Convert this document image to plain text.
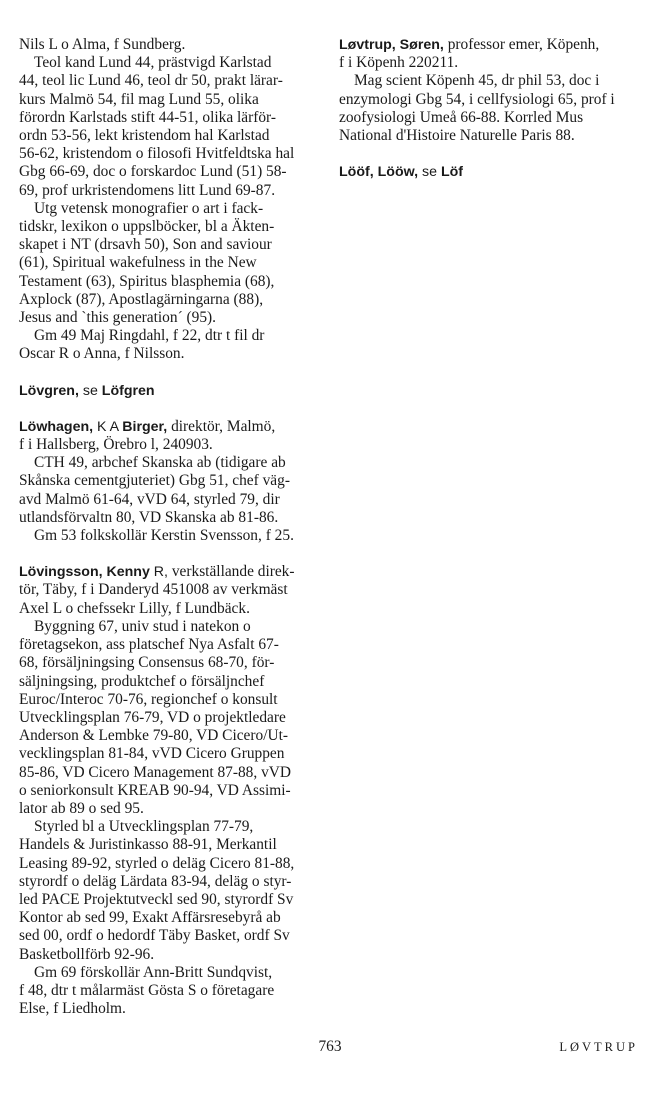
Nils L o Alma, f Sundberg.
Teol kand Lund 44, prästvigd Karlstad
44, teol lic Lund 46, teol dr 50, prakt lärar-
kurs Malmö 54, fil mag Lund 55, olika
förordn Karlstads stift 44-51, olika lärför-
ordn 53-56, lekt kristendom hal Karlstad
56-62, kristendom o filosofi Hvitfeldtska hal
Gbg 66-69, doc o forskardoc Lund (51) 58-
69, prof urkristendomens litt Lund 69-87.
Utg vetensk monografier o art i fack-
tidskr, lexikon o uppslböcker, bl a Äkten-
skapet i NT (drsavh 50), Son and saviour
(61), Spiritual wakefulness in the New
Testament (63), Spiritus blasphemia (68),
Axplock (87), Apostlagärningarna (88),
Jesus and `this generation´ (95).
Gm 49 Maj Ringdahl, f 22, dtr t fil dr
Oscar R o Anna, f Nilsson.
Lövgren, se Löfgren
Löwhagen, K A Birger, direktör, Malmö,
f i Hallsberg, Örebro l, 240903.
CTH 49, arbchef Skanska ab (tidigare ab
Skånska cementgjuteriet) Gbg 51, chef väg-
avd Malmö 61-64, vVD 64, styrled 79, dir
utlandsförvaltn 80, VD Skanska ab 81-86.
Gm 53 folkskollär Kerstin Svensson, f 25.
Lövingsson, Kenny R, verkställande direk-
tör, Täby, f i Danderyd 451008 av verkmäst
Axel L o chefssekr Lilly, f Lundbäck.
Byggning 67, univ stud i natekon o
företagsekon, ass platschef Nya Asfalt 67-
68, försäljningsing Consensus 68-70, för-
säljningsing, produktchef o försäljnchef
Euroc/Interoc 70-76, regionchef o konsult
Utvecklingsplan 76-79, VD o projektledare
Anderson & Lembke 79-80, VD Cicero/Ut-
vecklingsplan 81-84, vVD Cicero Gruppen
85-86, VD Cicero Management 87-88, vVD
o seniorkonsult KREAB 90-94, VD Assimi-
lator ab 89 o sed 95.
Styrled bl a Utvecklingsplan 77-79,
Handels & Juristinkasso 88-91, Merkantil
Leasing 89-92, styrled o deläg Cicero 81-88,
styrordf o deläg Lärdata 83-94, deläg o styr-
led PACE Projektutveckl sed 90, styrordf Sv
Kontor ab sed 99, Exakt Affärsresebyrå ab
sed 00, ordf o hedordf Täby Basket, ordf Sv
Basketbollförb 92-96.
Gm 69 förskollär Ann-Britt Sundqvist,
f 48, dtr t målarmäst Gösta S o företagare
Else, f Liedholm.
Løvtrup, Søren, professor emer, Köpenh,
f i Köpenh 220211.
Mag scient Köpenh 45, dr phil 53, doc i
enzymologi Gbg 54, i cellfysiologi 65, prof i
zoofysiologi Umeå 66-88. Korrled Mus
National d'Histoire Naturelle Paris 88.
Lööf, Lööw, se Löf
763	LØVTRUP
